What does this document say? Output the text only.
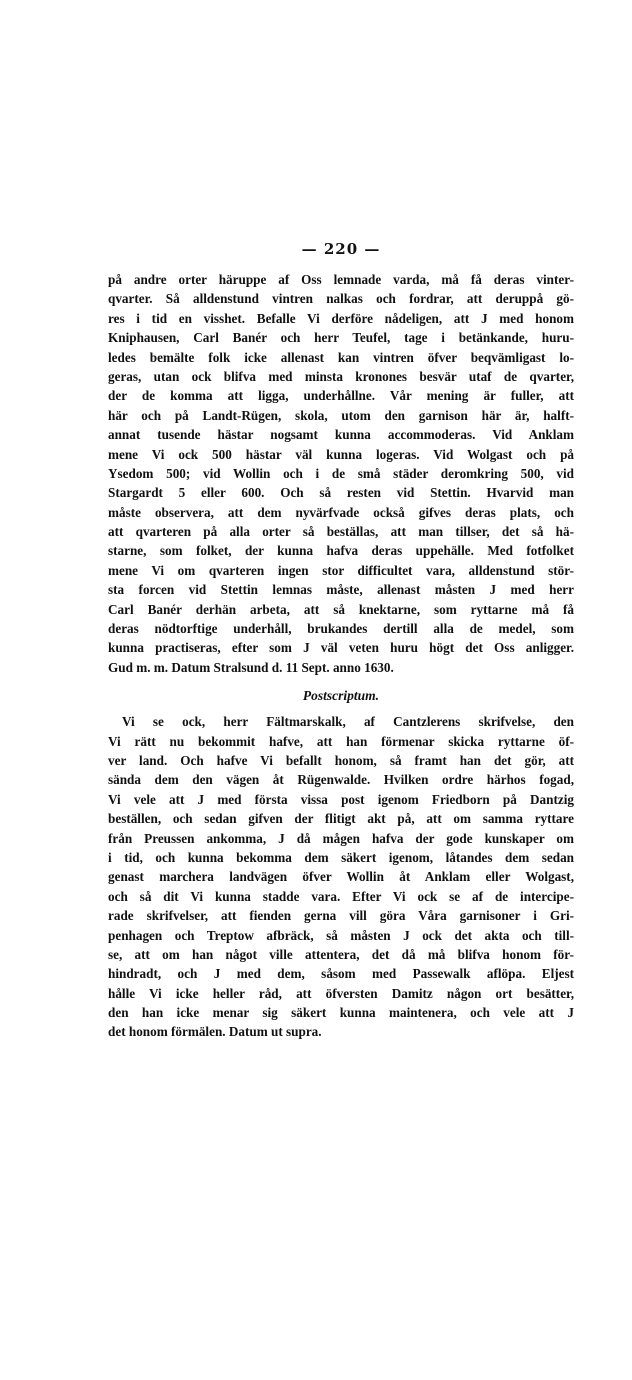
— 220 —
på andre orter häruppe af Oss lemnade varda, må få deras vinter-
qvarter. Så alldenstund vintren nalkas och fordrar, att deruppå gö-
res i tid en visshet. Befalle Vi derföre nådeligen, att J med honom
Kniphausen, Carl Banér och herr Teufel, tage i betänkande, huru-
ledes bemälte folk icke allenast kan vintren öfver beqvämligast lo-
geras, utan ock blifva med minsta kronones besvär utaf de qvarter,
der de komma att ligga, underhållne. Vår mening är fuller, att
här och på Landt-Rügen, skola, utom den garnison här är, halft-
annat tusende hästar nogsamt kunna accommoderas. Vid Anklam
mene Vi ock 500 hästar väl kunna logeras. Vid Wolgast och på
Ysedom 500; vid Wollin och i de små städer deromkring 500, vid
Stargardt 5 eller 600. Och så resten vid Stettin. Hvarvid man
måste observera, att dem nyvärfvade också gifves deras plats, och
att qvarteren på alla orter så beställas, att man tillser, det så hä-
starne, som folket, der kunna hafva deras uppehälle. Med fotfolket
mene Vi om qvarteren ingen stor difficultet vara, alldenstund stör-
sta forcen vid Stettin lemnas måste, allenast måsten J med herr
Carl Banér derhän arbeta, att så knektarne, som ryttarne må få
deras nödtorftige underhåll, brukandes dertill alla de medel, som
kunna practiseras, efter som J väl veten huru högt det Oss anligger.
Gud m. m. Datum Stralsund d. 11 Sept. anno 1630.
Postscriptum.
Vi se ock, herr Fältmarskalk, af Cantzlerens skrifvelse, den
Vi rätt nu bekommit hafve, att han förmenar skicka ryttarne öf-
ver land. Och hafve Vi befallt honom, så framt han det gör, att
sända dem den vägen åt Rügenwalde. Hvilken ordre härhos fogad,
Vi vele att J med första vissa post igenom Friedborn på Dantzig
beställen, och sedan gifven der flitigt akt på, att om samma ryttare
från Preussen ankomma, J då mågen hafva der gode kunskaper om
i tid, och kunna bekomma dem säkert igenom, låtandes dem sedan
genast marchera landvägen öfver Wollin åt Anklam eller Wolgast,
och så dit Vi kunna stadde vara. Efter Vi ock se af de intercipe-
rade skrifvelser, att fienden gerna vill göra Våra garnisoner i Gri-
penhagen och Treptow afbräck, så måsten J ock det akta och till-
se, att om han något ville attentera, det då må blifva honom för-
hindradt, och J med dem, såsom med Passewalk aflöpa. Eljest
hålle Vi icke heller råd, att öfversten Damitz någon ort besätter,
den han icke menar sig säkert kunna maintenera, och vele att J
det honom förmälen. Datum ut supra.
